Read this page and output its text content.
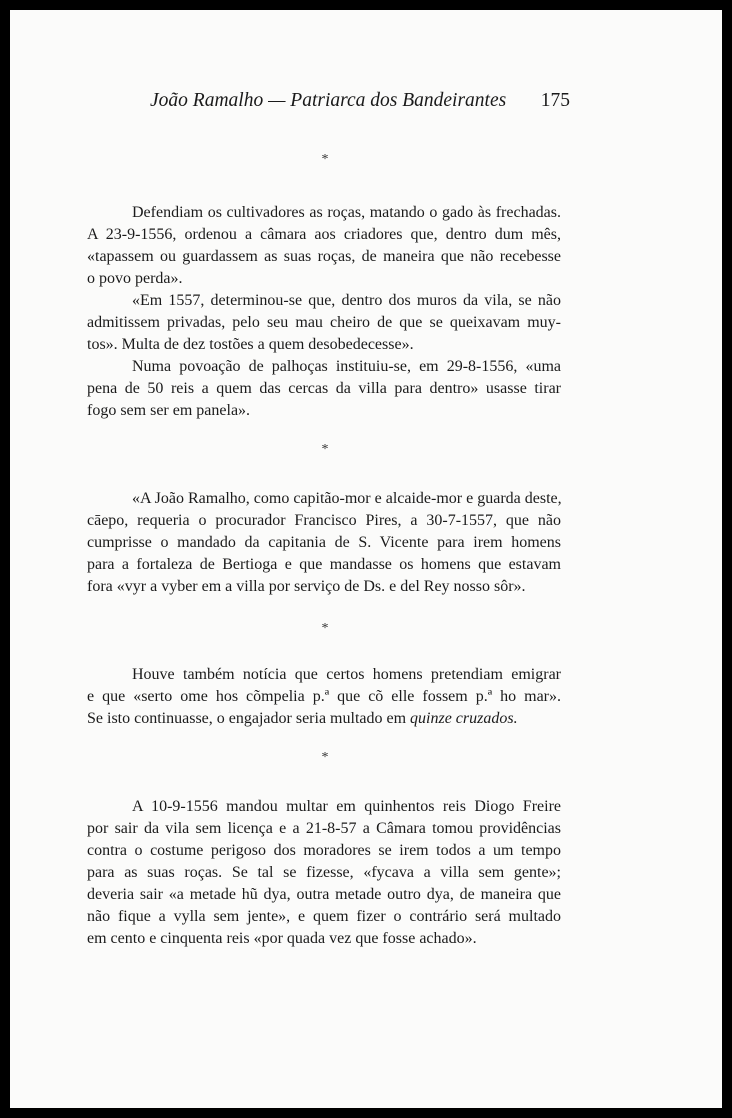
João Ramalho — Patriarca dos Bandeirantes 175
*
Defendiam os cultivadores as roças, matando o gado às frechadas.
A 23-9-1556, ordenou a câmara aos criadores que, dentro dum mês,
«tapassem ou guardassem as suas roças, de maneira que não recebesse
o povo perda».
«Em 1557, determinou-se que, dentro dos muros da vila, se não
admitissem privadas, pelo seu mau cheiro de que se queixavam muy-
tos». Multa de dez tostões a quem desobedecesse».
Numa povoação de palhoças instituiu-se, em 29-8-1556, «uma
pena de 50 reis a quem das cercas da villa para dentro» usasse tirar
fogo sem ser em panela».
*
«A João Ramalho, como capitão-mor e alcaide-mor e guarda deste,
cāepo, requeria o procurador Francisco Pires, a 30-7-1557, que não
cumprisse o mandado da capitania de S. Vicente para irem homens
para a fortaleza de Bertioga e que mandasse os homens que estavam
fora «vyr a vyber em a villa por serviço de Ds. e del Rey nosso sôr».
*
Houve também notícia que certos homens pretendiam emigrar
e que «serto ome hos cõmpelia p.ª que cõ elle fossem p.ª ho mar».
Se isto continuasse, o engajador seria multado em quinze cruzados.
*
A 10-9-1556 mandou multar em quinhentos reis Diogo Freire
por sair da vila sem licença e a 21-8-57 a Câmara tomou providências
contra o costume perigoso dos moradores se irem todos a um tempo
para as suas roças. Se tal se fizesse, «fycava a villa sem gente»;
deveria sair «a metade hũ dya, outra metade outro dya, de maneira que
não fique a vylla sem jente», e quem fizer o contrário será multado
em cento e cinquenta reis «por quada vez que fosse achado».
